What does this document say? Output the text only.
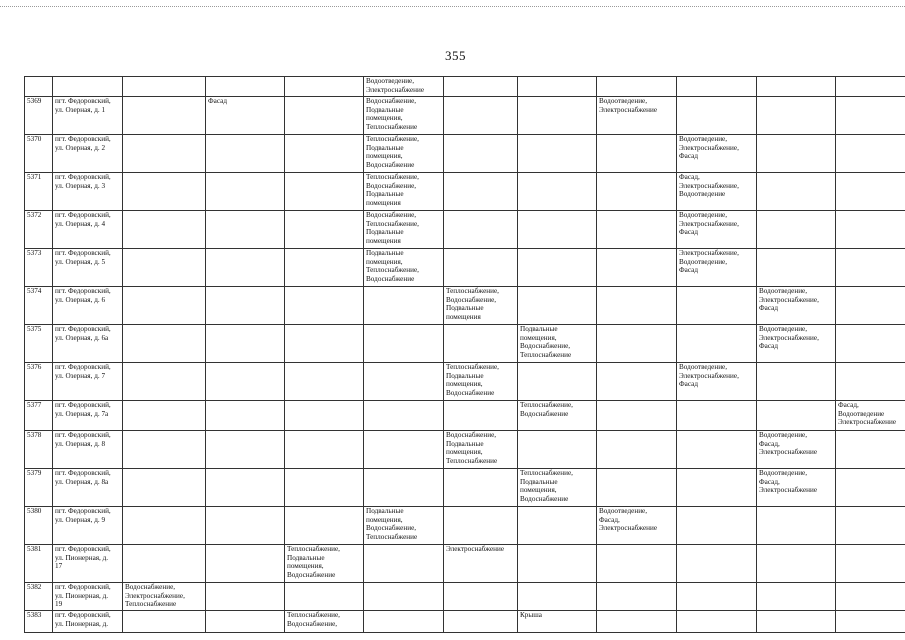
355

					Водоотведение,
Электроснабжение						

5369	пгт. Федоровский,
ул. Озерная, д. 1		Фасад		Водоснабжение,
Подвальные
помещения,
Теплоснабжение			Водоотведение,
Электроснабжение			

5370	пгт. Федоровский,
ул. Озерная, д. 2				Теплоснабжение,
Подвальные
помещения,
Водоснабжение				Водоотведение,
Электроснабжение,
Фасад		

5371	пгт. Федоровский,
ул. Озерная, д. 3				Теплоснабжение,
Водоснабжение,
Подвальные
помещения				Фасад,
Электроснабжение,
Водоотведение		

5372	пгт. Федоровский,
ул. Озерная, д. 4				Водоснабжение,
Теплоснабжение,
Подвальные
помещения				Водоотведение,
Электроснабжение,
Фасад		

5373	пгт. Федоровский,
ул. Озерная, д. 5				Подвальные
помещения,
Теплоснабжение,
Водоснабжение				Электроснабжение,
Водоотведение,
Фасад		

5374	пгт. Федоровский,
ул. Озерная, д. 6					Теплоснабжение,
Водоснабжение,
Подвальные
помещения				Водоотведение,
Электроснабжение,
Фасад	

5375	пгт. Федоровский,
ул. Озерная, д. 6а						Подвальные
помещения,
Водоснабжение,
Теплоснабжение			Водоотведение,
Электроснабжение,
Фасад	

5376	пгт. Федоровский,
ул. Озерная, д. 7					Теплоснабжение,
Подвальные
помещения,
Водоснабжение			Водоотведение,
Электроснабжение,
Фасад		

5377	пгт. Федоровский,
ул. Озерная, д. 7а						Теплоснабжение,
Водоснабжение				Фасад,
Водоотведение
Электроснабжение

5378	пгт. Федоровский,
ул. Озерная, д. 8					Водоснабжение,
Подвальные
помещения,
Теплоснабжение				Водоотведение,
Фасад,
Электроснабжение	

5379	пгт. Федоровский,
ул. Озерная, д. 8а						Теплоснабжение,
Подвальные
помещения,
Водоснабжение			Водоотведение,
Фасад,
Электроснабжение	

5380	пгт. Федоровский,
ул. Озерная, д. 9				Подвальные
помещения,
Водоснабжение,
Теплоснабжение			Водоотведение,
Фасад,
Электроснабжение			

5381	пгт. Федоровский,
ул. Пионерная, д.
17			Теплоснабжение,
Подвальные
помещения,
Водоснабжение		Электроснабжение					

5382	пгт. Федоровский,
ул. Пионерная, д.
19	Водоснабжение,
Электроснабжение,
Теплоснабжение									

5383	пгт. Федоровский,
ул. Пионерная, д.			Теплоснабжение,
Водоснабжение,			Крыша				
